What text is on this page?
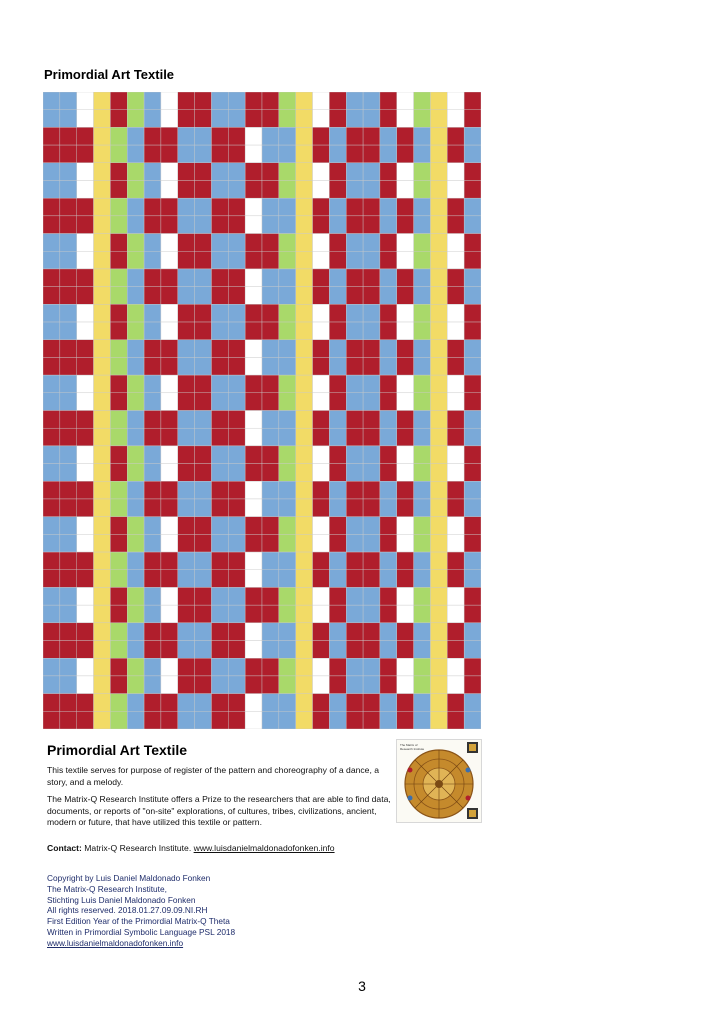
Primordial Art Textile
Primordial Art Textile

This textile serves for purpose of register of the pattern and choreography of a dance, a story, and a melody.

The Matrix-Q Research Institute offers a Prize to the researchers that are able to find data, documents, or reports of "on-site" explorations, of cultures, tribes, civilizations, ancient, modern or future, that have utilized this textile or pattern.

The Matrix of
Research Institute
Contact: Matrix-Q Research Institute. www.luisdanielmaldonadofonken.info
Copyright by Luis Daniel Maldonado Fonken
The Matrix-Q Research Institute,
Stichting Luis Daniel Maldonado Fonken
All rights reserved. 2018.01.27.09.09.NI.RH
First Edition Year of the Primordial Matrix-Q Theta
Written in Primordial Symbolic Language PSL 2018
www.luisdanielmaldonadofonken.info
3
